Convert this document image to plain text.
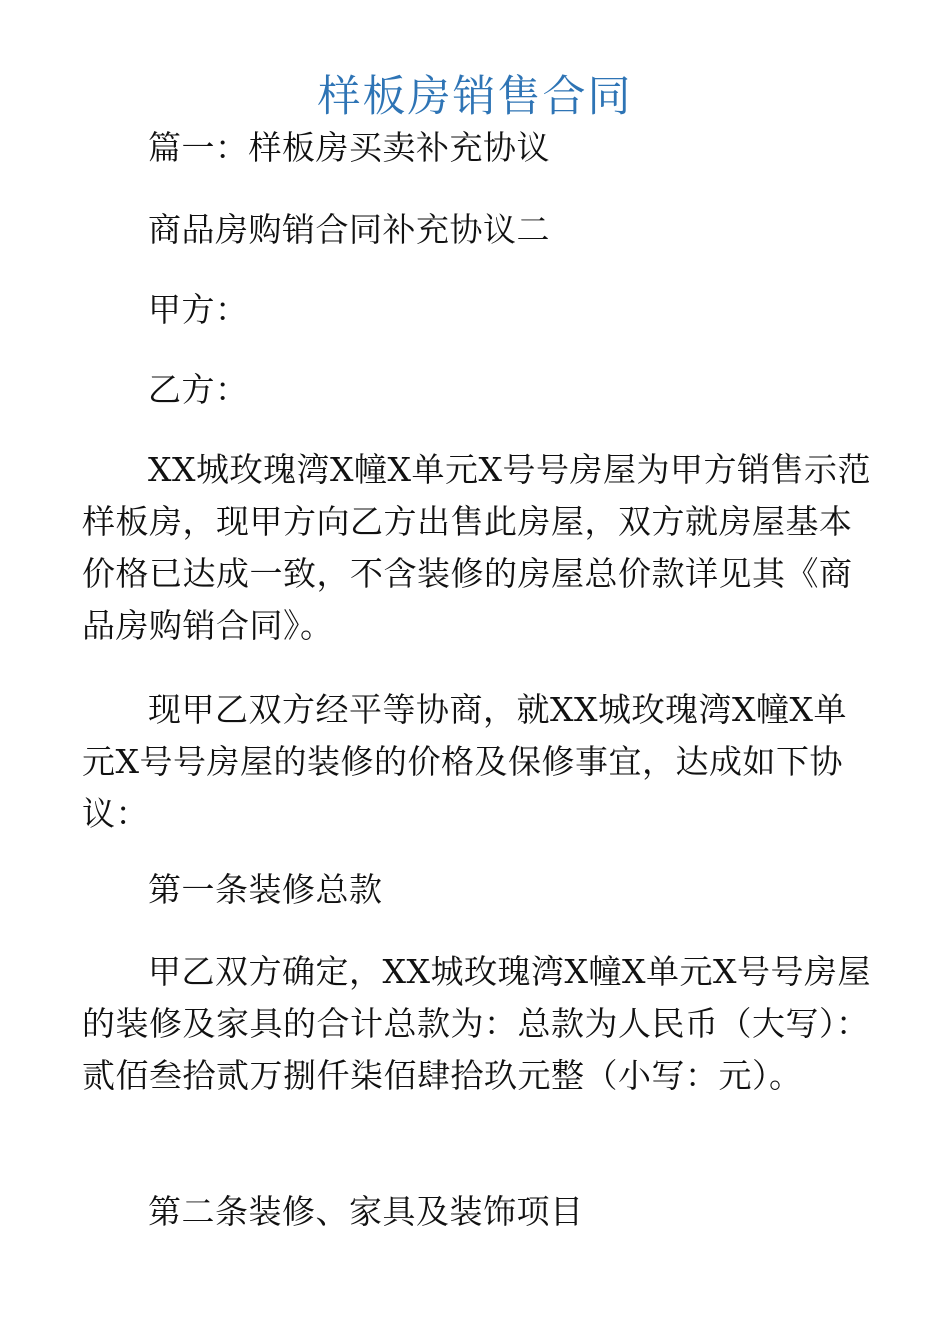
样板房销售合同

篇一：样板房买卖补充协议

商品房购销合同补充协议二

甲方：

乙方：

XX城玫瑰湾X幢X单元X号号房屋为甲方销售示范样板房，现甲方向乙方出售此房屋，双方就房屋基本价格已达成一致，不含装修的房屋总价款详见其《商品房购销合同》。

现甲乙双方经平等协商，就XX城玫瑰湾X幢X单元X号号房屋的装修的价格及保修事宜，达成如下协议：

第一条装修总款

甲乙双方确定，XX城玫瑰湾X幢X单元X号号房屋的装修及家具的合计总款为：总款为人民币（大写）：贰佰叁拾贰万捌仟柒佰肆拾玖元整（小写：元）。

第二条装修、家具及装饰项目
